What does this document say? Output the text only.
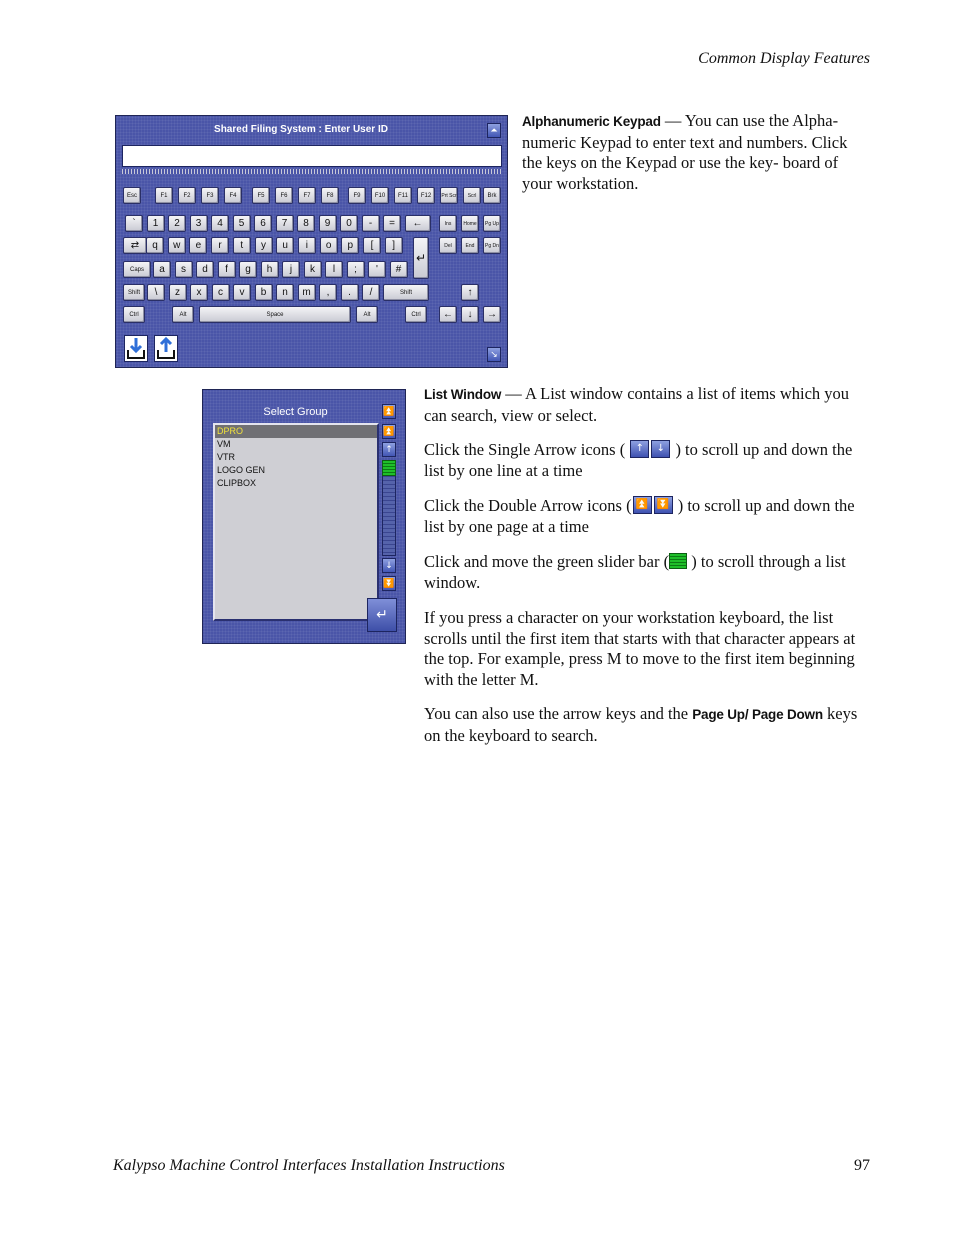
Common Display Features
Shared Filing System : Enter User ID	⏶
Esc	F1	F2	F3	F4	F5	F6	F7	F8	F9	F10	F11	F12	Prt Scr	Scrl	Brk
`	1	2	3	4	5	6	7	8	9	0	-	=	←	Ins	Home	Pg Up
⇄	q	w	e	r	t	y	u	i	o	p	[	]	Del	End	Pg Dn
Caps	a	s	d	f	g	h	j	k	l	;	'	#
Shift	\	z	x	c	v	b	n	m	,	.	/	Shift
Ctrl	Alt	Space	Alt	Ctrl
↵
↑
←	↓	→
↘
Alphanumeric Keypad — You can use the Alpha- numeric Keypad to enter text and numbers. Click the keys on the Keypad or use the key- board of your workstation.
Select Group	⏫
DPRO
VM
VTR
LOGO GEN
CLIPBOX
⏫
↑
↓
⏬
↵
List Window — A List window contains a list of items which you can search, view or select.
Click the Single Arrow icons ( ↑ ↓ ) to scroll up and down the list by one line at a time
Click the Double Arrow icons ( ⏫ ⏬ ) to scroll up and down the list by one page at a time
Click and move the green slider bar ( ) to scroll through a list window.
If you press a character on your workstation keyboard, the list scrolls until the first item that starts with that character appears at the top. For example, press M to move to the first item beginning with the letter M.
You can also use the arrow keys and the Page Up/ Page Down keys on the keyboard to search.
Kalypso Machine Control Interfaces Installation Instructions	97
